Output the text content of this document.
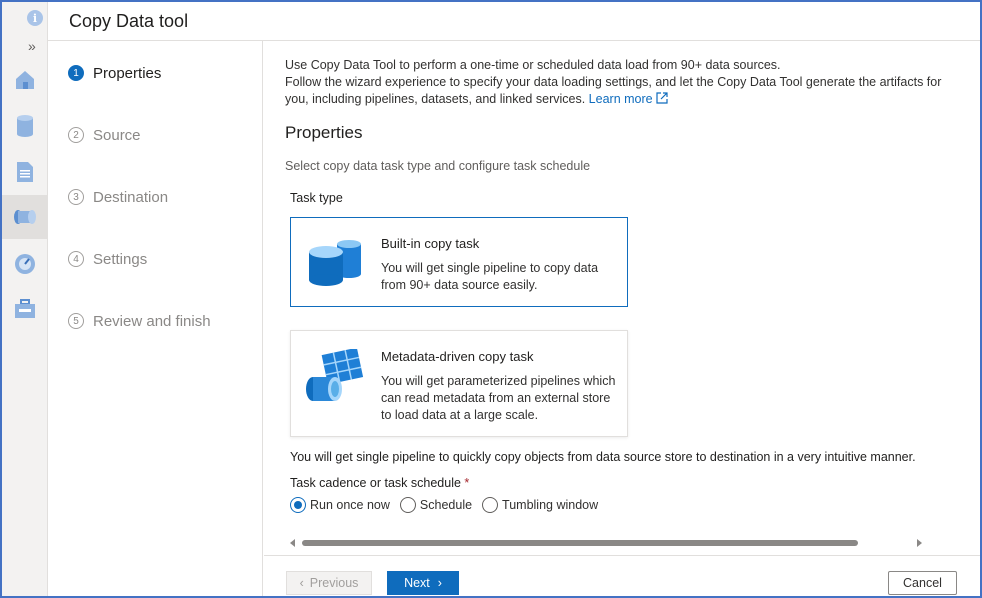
i
»
Copy Data tool
1 Properties
2 Source
3 Destination
4 Settings
5 Review and finish
Use Copy Data Tool to perform a one-time or scheduled data load from 90+ data sources.
Follow the wizard experience to specify your data loading settings, and let the Copy Data Tool generate the artifacts for you, including pipelines, datasets, and linked services. Learn more
Properties
Select copy data task type and configure task schedule
Task type
Built-in copy task
You will get single pipeline to copy data from 90+ data source easily.
Metadata-driven copy task
You will get parameterized pipelines which can read metadata from an external store to load data at a large scale.
You will get single pipeline to quickly copy objects from data source store to destination in a very intuitive manner.
Task cadence or task schedule *
Run once now Schedule Tumbling window
‹ Previous	Next ›	Cancel
